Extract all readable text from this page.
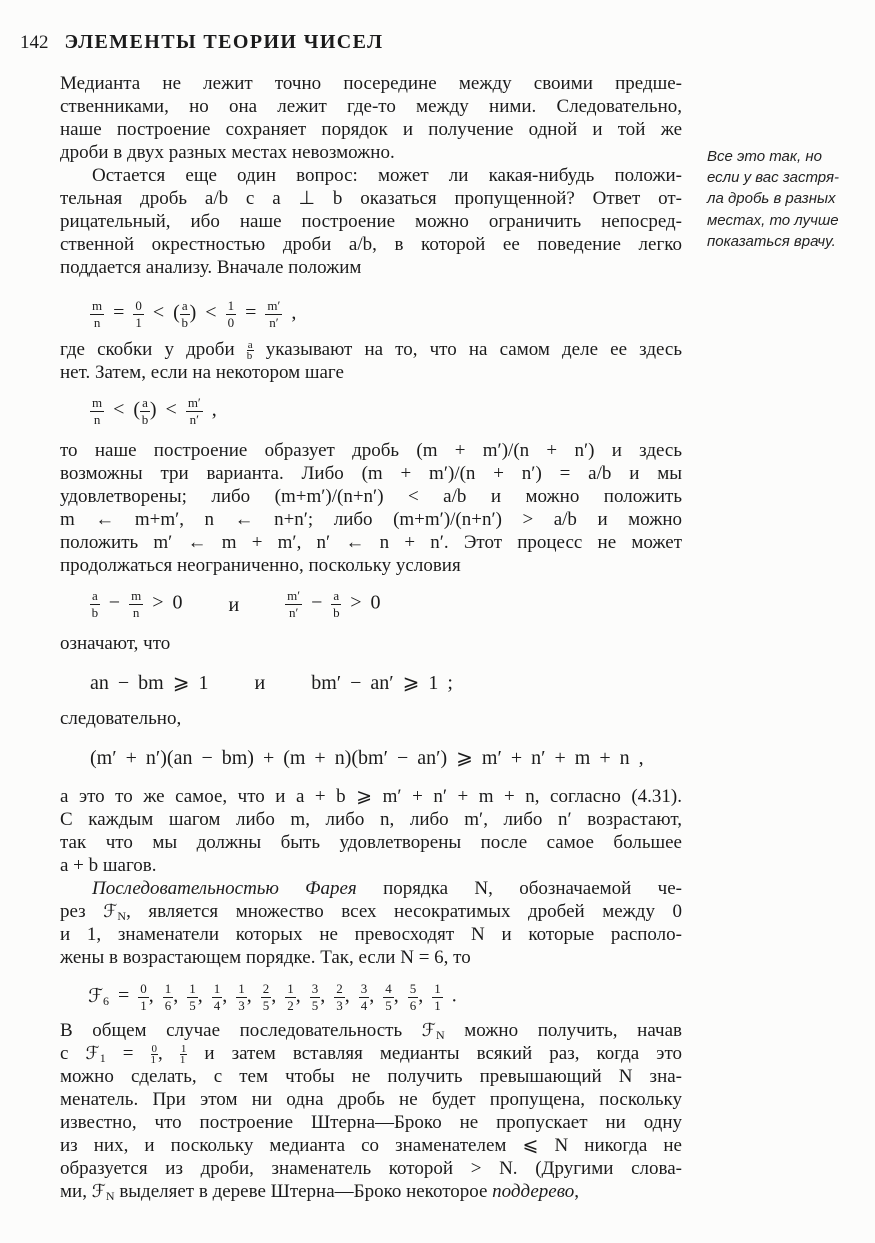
142 ЭЛЕМЕНТЫ ТЕОРИИ ЧИСЕЛ
Медианта не лежит точно посередине между своими предше-
ственниками, но она лежит где-то между ними. Следовательно,
наше построение сохраняет порядок и получение одной и той же
дроби в двух разных местах невозможно.
Остается еще один вопрос: может ли какая-нибудь положи-
тельная дробь a/b с a ⊥ b оказаться пропущенной? Ответ от-
рицательный, ибо наше построение можно ограничить непосред-
ственной окрестностью дроби a/b, в которой ее поведение легко
поддается анализу. Вначале положим
$\frac{m}{n} = \frac{0}{1}$ < ( $\frac{a}{b}$ ) < $\frac{1}{0} = \frac{m'}{n'}$ ,
где скобки у дроби $\frac{a}{b}$ указывают на то, что на самом деле ее здесь
нет. Затем, если на некотором шаге
$\frac{m}{n}$ < ( $\frac{a}{b}$ ) < $\frac{m'}{n'}$ ,
то наше построение образует дробь (m + m′)/(n + n′) и здесь
возможны три варианта. Либо (m + m′)/(n + n′) = a/b и мы
удовлетворены; либо (m+m′)/(n+n′) < a/b и можно положить
m ← m+m′, n ← n+n′; либо (m+m′)/(n+n′) > a/b и можно
положить m′ ← m + m′, n′ ← n + n′. Этот процесс не может
продолжаться неограниченно, поскольку условия
$\frac{a}{b} - \frac{m}{n} > 0$ и	$\frac{m'}{n'} - \frac{a}{b} > 0$
означают, что
an − bm ⩾ 1 и bm′ − an′ ⩾ 1 ;
следовательно,
(m′ + n′)(an − bm) + (m + n)(bm′ − an′) ⩾ m′ + n′ + m + n ,
а это то же самое, что и a + b ⩾ m′ + n′ + m + n, согласно (4.31).
С каждым шагом либо m, либо n, либо m′, либо n′ возрастают,
так что мы должны быть удовлетворены после самое большее
a + b шагов.
Последовательностью Фарея порядка N, обозначаемой че-
рез ℱ$_N$, является множество всех несократимых дробей между 0
и 1, знаменатели которых не превосходят N и которые располо-
жены в возрастающем порядке. Так, если N = 6, то
ℱ$_6$ = $\frac{0}{1}$ , $\frac{1}{6}$ , $\frac{1}{5}$ , $\frac{1}{4}$ , $\frac{1}{3}$ , $\frac{2}{5}$ , $\frac{1}{2}$ , $\frac{3}{5}$ , $\frac{2}{3}$ , $\frac{3}{4}$ , $\frac{4}{5}$ , $\frac{5}{6}$ , $\frac{1}{1}$ .
В общем случае последовательность ℱ$_N$ можно получить, начав
с ℱ$_1$ = $\frac{0}{1}$ , $\frac{1}{1}$ и затем вставляя медианты всякий раз, когда это
можно сделать, с тем чтобы не получить превышающий N зна-
менатель. При этом ни одна дробь не будет пропущена, поскольку
известно, что построение Штерна—Броко не пропускает ни одну
из них, и поскольку медианта со знаменателем ⩽ N никогда не
образуется из дроби, знаменатель которой > N. (Другими слова-
ми, ℱ$_N$ выделяет в дереве Штерна—Броко некоторое поддерево,
Все это так, но
если у вас застря-
ла дробь в разных
местах, то лучше
показаться врачу.
